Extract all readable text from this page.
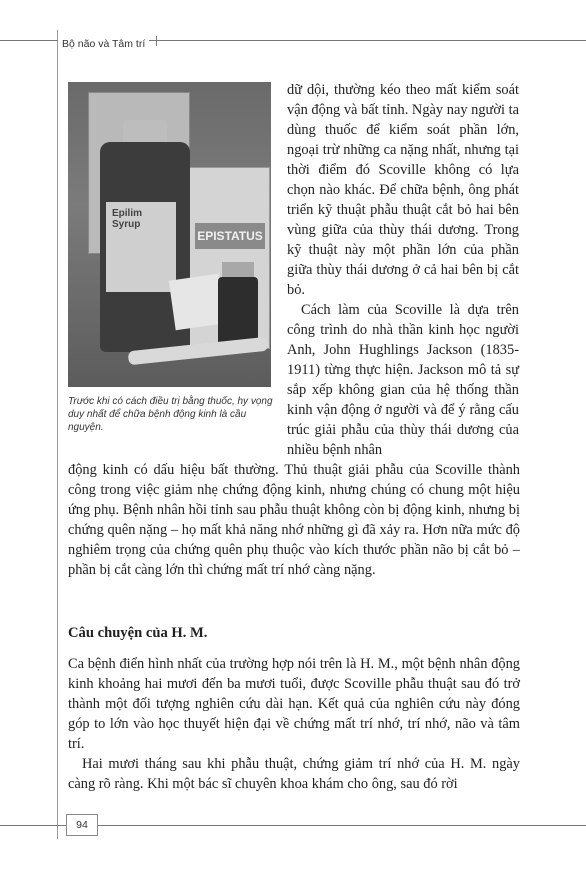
Bộ não và Tâm trí
EPISTATUS
Epilim Syrup
Trước khi có cách điều trị bằng thuốc, hy vọng duy nhất để chữa bệnh động kinh là cầu nguyện.

dữ dội, thường kéo theo mất kiểm soát vận động và bất tỉnh. Ngày nay người ta dùng thuốc để kiểm soát phần lớn, ngoại trừ những ca nặng nhất, nhưng tại thời điểm đó Scoville không có lựa chọn nào khác. Để chữa bệnh, ông phát triển kỹ thuật phẫu thuật cắt bỏ hai bên vùng giữa của thùy thái dương. Trong kỹ thuật này một phần lớn của phần giữa thùy thái dương ở cả hai bên bị cắt bỏ.

Cách làm của Scoville là dựa trên công trình do nhà thần kinh học người Anh, John Hughlings Jackson (1835-1911) từng thực hiện. Jackson mô tả sự sắp xếp không gian của hệ thống thần kinh vận động ở người và để ý rằng cấu trúc giải phẫu của thùy thái dương của nhiều bệnh nhân

động kinh có dấu hiệu bất thường. Thủ thuật giải phẫu của Scoville thành công trong việc giảm nhẹ chứng động kinh, nhưng chúng có chung một hiệu ứng phụ. Bệnh nhân hồi tỉnh sau phẫu thuật không còn bị động kinh, nhưng bị chứng quên nặng – họ mất khả năng nhớ những gì đã xảy ra. Hơn nữa mức độ nghiêm trọng của chứng quên phụ thuộc vào kích thước phần não bị cắt bỏ – phần bị cắt càng lớn thì chứng mất trí nhớ càng nặng.

Câu chuyện của H. M.

Ca bệnh điển hình nhất của trường hợp nói trên là H. M., một bệnh nhân động kinh khoảng hai mươi đến ba mươi tuổi, được Scoville phẫu thuật sau đó trở thành một đối tượng nghiên cứu dài hạn. Kết quả của nghiên cứu này đóng góp to lớn vào học thuyết hiện đại về chứng mất trí nhớ, trí nhớ, não và tâm trí.

Hai mươi tháng sau khi phẫu thuật, chứng giảm trí nhớ của H. M. ngày càng rõ ràng. Khi một bác sĩ chuyên khoa khám cho ông, sau đó rời

94
